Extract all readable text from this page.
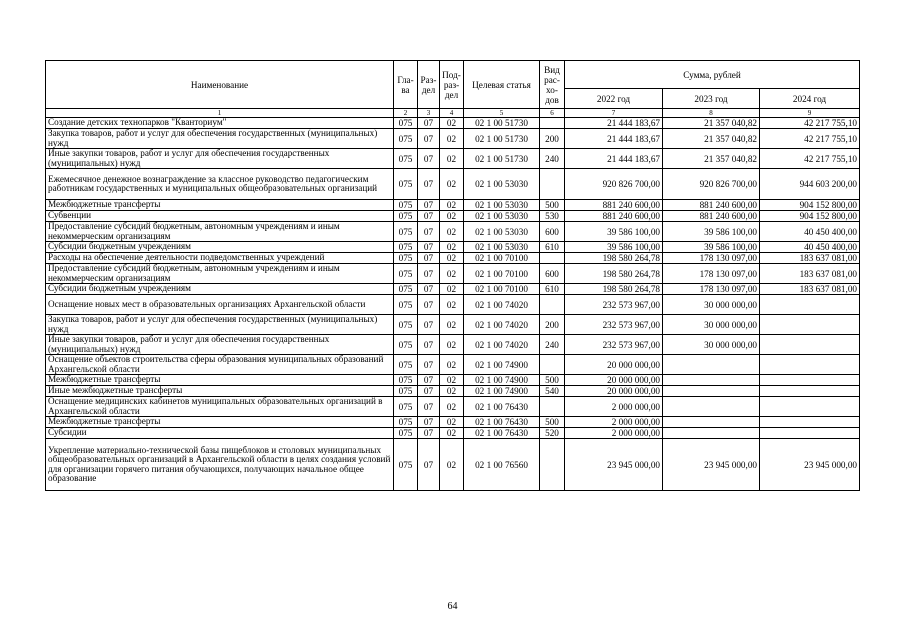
Наименование	Гла-ва	Раз-дел	Под-раз-дел	Целевая статья	Вид рас-хо-дов	Сумма, рублей		
						2022 год	2023 год	2024 год
1	2	3	4	5	6	7	8	9
Создание детских технопарков "Кванториум"	075	07	02	02 1 00 51730		21 444 183,67	21 357 040,82	42 217 755,10
Закупка товаров, работ и услуг для обеспечения государственных (муниципальных) нужд	075	07	02	02 1 00 51730	200	21 444 183,67	21 357 040,82	42 217 755,10
Иные закупки товаров, работ и услуг для обеспечения государственных (муниципальных) нужд	075	07	02	02 1 00 51730	240	21 444 183,67	21 357 040,82	42 217 755,10
Ежемесячное денежное вознаграждение за классное руководство педагогическим работникам государственных и муниципальных общеобразовательных организаций	075	07	02	02 1 00 53030		920 826 700,00	920 826 700,00	944 603 200,00
Межбюджетные трансферты	075	07	02	02 1 00 53030	500	881 240 600,00	881 240 600,00	904 152 800,00
Субвенции	075	07	02	02 1 00 53030	530	881 240 600,00	881 240 600,00	904 152 800,00
Предоставление субсидий бюджетным, автономным учреждениям и иным некоммерческим организациям	075	07	02	02 1 00 53030	600	39 586 100,00	39 586 100,00	40 450 400,00
Субсидии бюджетным учреждениям	075	07	02	02 1 00 53030	610	39 586 100,00	39 586 100,00	40 450 400,00
Расходы на обеспечение деятельности подведомственных учреждений	075	07	02	02 1 00 70100		198 580 264,78	178 130 097,00	183 637 081,00
Предоставление субсидий бюджетным, автономным учреждениям и иным некоммерческим организациям	075	07	02	02 1 00 70100	600	198 580 264,78	178 130 097,00	183 637 081,00
Субсидии бюджетным учреждениям	075	07	02	02 1 00 70100	610	198 580 264,78	178 130 097,00	183 637 081,00
Оснащение новых мест в образовательных организациях Архангельской области	075	07	02	02 1 00 74020		232 573 967,00	30 000 000,00	
Закупка товаров, работ и услуг для обеспечения государственных (муниципальных) нужд	075	07	02	02 1 00 74020	200	232 573 967,00	30 000 000,00	
Иные закупки товаров, работ и услуг для обеспечения государственных (муниципальных) нужд	075	07	02	02 1 00 74020	240	232 573 967,00	30 000 000,00	
Оснащение объектов строительства сферы образования муниципальных образований Архангельской области	075	07	02	02 1 00 74900		20 000 000,00		
Межбюджетные трансферты	075	07	02	02 1 00 74900	500	20 000 000,00		
Иные межбюджетные трансферты	075	07	02	02 1 00 74900	540	20 000 000,00		
Оснащение медицинских кабинетов муниципальных образовательных организаций в Архангельской области	075	07	02	02 1 00 76430		2 000 000,00		
Межбюджетные трансферты	075	07	02	02 1 00 76430	500	2 000 000,00		
Субсидии	075	07	02	02 1 00 76430	520	2 000 000,00		
Укрепление материально-технической базы пищеблоков и столовых муниципальных общеобразовательных организаций в Архангельской области в целях создания условий для организации горячего питания обучающихся, получающих начальное общее образование	075	07	02	02 1 00 76560		23 945 000,00	23 945 000,00	23 945 000,00
64
